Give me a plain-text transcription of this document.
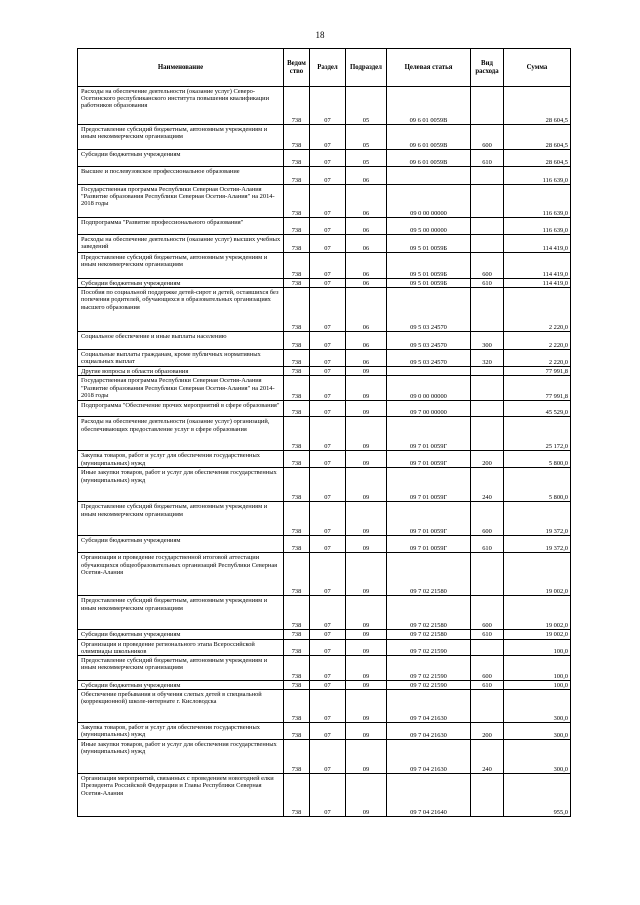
18
Наименование	Ведом ство	Раздел	Подраздел	Целевая статья	Вид расхода	Сумма
Расходы на обеспечение деятельности (оказание услуг) Северо-Осетинского республиканского института повышения квалификации работников образования	738	07	05	09 6 01 0059В		28 604,5
Предоставление субсидий бюджетным, автономным учреждениям и иным некоммерческим организациям	738	07	05	09 6 01 0059В	600	28 604,5
Субсидии бюджетным учреждениям	738	07	05	09 6 01 0059В	610	28 604,5
Высшее и послевузовское профессиональное образование	738	07	06			116 639,0
Государственная программа Республики Северная Осетия-Алания "Развитие образования Республики Северная Осетия-Алания" на 2014-2018 годы	738	07	06	09 0 00 00000		116 639,0
Подпрограмма "Развитие профессионального образования"	738	07	06	09 5 00 00000		116 639,0
Расходы на обеспечение деятельности (оказание услуг) высших учебных заведений	738	07	06	09 5 01 0059Б		114 419,0
Предоставление субсидий бюджетным, автономным учреждениям и иным некоммерческим организациям	738	07	06	09 5 01 0059Б	600	114 419,0
Субсидии бюджетным учреждениям	738	07	06	09 5 01 0059Б	610	114 419,0
Пособия по социальной поддержке детей-сирот и детей, оставшихся без попечения родителей, обучающихся в образовательных организациях высшего образования	738	07	06	09 5 03 24570		2 220,0
Социальное обеспечение и иные выплаты населению	738	07	06	09 5 03 24570	300	2 220,0
Социальные выплаты гражданам, кроме публичных нормативных социальных выплат	738	07	06	09 5 03 24570	320	2 220,0
Другие вопросы в области образования	738	07	09			77 991,8
Государственная программа Республики Северная Осетия-Алания "Развитие образования Республики Северная Осетия-Алания" на 2014-2018 годы	738	07	09	09 0 00 00000		77 991,8
Подпрограмма "Обеспечение прочих мероприятий в сфере образования"	738	07	09	09 7 00 00000		45 529,0
Расходы на обеспечение деятельности (оказание услуг) организаций, обеспечивающих предоставление услуг в сфере образования	738	07	09	09 7 01 0059Г		25 172,0
Закупка товаров, работ и услуг для обеспечения государственных (муниципальных) нужд	738	07	09	09 7 01 0059Г	200	5 800,0
Иные закупки товаров, работ и услуг для обеспечения государственных (муниципальных) нужд	738	07	09	09 7 01 0059Г	240	5 800,0
Предоставление субсидий бюджетным, автономным учреждениям и иным некоммерческим организациям	738	07	09	09 7 01 0059Г	600	19 372,0
Субсидии бюджетным учреждениям	738	07	09	09 7 01 0059Г	610	19 372,0
Организация и проведение государственной итоговой аттестации обучающихся общеобразовательных организаций Республики Северная Осетия-Алания	738	07	09	09 7 02 21580		19 002,0
Предоставление субсидий бюджетным, автономным учреждениям и иным некоммерческим организациям	738	07	09	09 7 02 21580	600	19 002,0
Субсидии бюджетным учреждениям	738	07	09	09 7 02 21580	610	19 002,0
Организация и проведение регионального этапа Всероссийской олимпиады школьников	738	07	09	09 7 02 21590		100,0
Предоставление субсидий бюджетным, автономным учреждениям и иным некоммерческим организациям	738	07	09	09 7 02 21590	600	100,0
Субсидии бюджетным учреждениям	738	07	09	09 7 02 21590	610	100,0
Обеспечение пребывания и обучения слепых детей в специальной (коррекционной) школе-интернате г. Кисловодска	738	07	09	09 7 04 21630		300,0
Закупка товаров, работ и услуг для обеспечения государственных (муниципальных) нужд	738	07	09	09 7 04 21630	200	300,0
Иные закупки товаров, работ и услуг для обеспечения государственных (муниципальных) нужд	738	07	09	09 7 04 21630	240	300,0
Организация мероприятий, связанных с проведением новогодней елки Президента Российской Федерации и Главы Республики Северная Осетия-Алания	738	07	09	09 7 04 21640		955,0
